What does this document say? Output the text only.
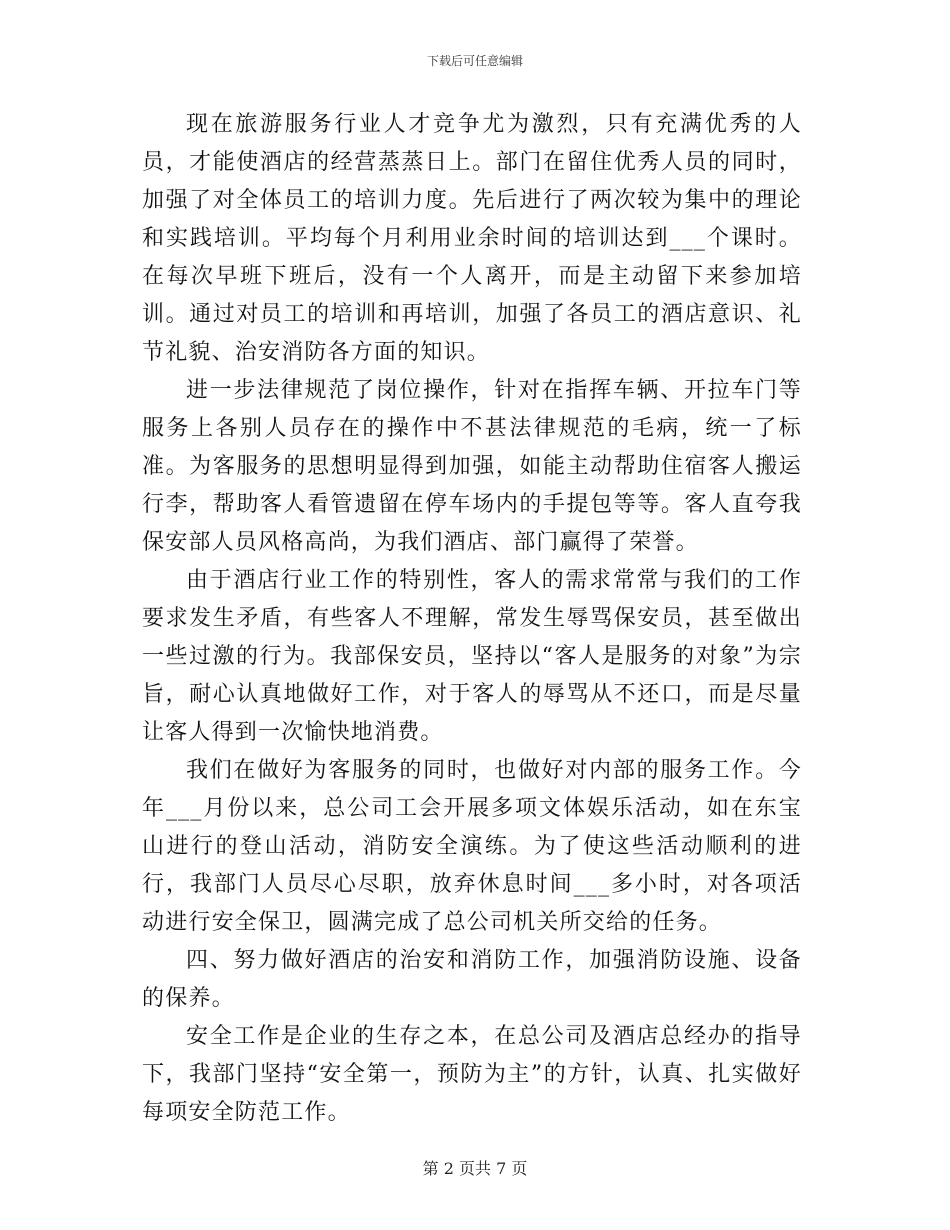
下载后可任意编辑

现在旅游服务行业人才竞争尤为激烈，只有充满优秀的人员，才能使酒店的经营蒸蒸日上。部门在留住优秀人员的同时，加强了对全体员工的培训力度。先后进行了两次较为集中的理论和实践培训。平均每个月利用业余时间的培训达到___个课时。在每次早班下班后，没有一个人离开，而是主动留下来参加培训。通过对员工的培训和再培训，加强了各员工的酒店意识、礼节礼貌、治安消防各方面的知识。

进一步法律规范了岗位操作，针对在指挥车辆、开拉车门等服务上各别人员存在的操作中不甚法律规范的毛病，统一了标准。为客服务的思想明显得到加强，如能主动帮助住宿客人搬运行李，帮助客人看管遗留在停车场内的手提包等等。客人直夸我保安部人员风格高尚，为我们酒店、部门赢得了荣誉。

由于酒店行业工作的特别性，客人的需求常常与我们的工作要求发生矛盾，有些客人不理解，常发生辱骂保安员，甚至做出一些过激的行为。我部保安员，坚持以“客人是服务的对象”为宗旨，耐心认真地做好工作，对于客人的辱骂从不还口，而是尽量让客人得到一次愉快地消费。

我们在做好为客服务的同时，也做好对内部的服务工作。今年___月份以来，总公司工会开展多项文体娱乐活动，如在东宝山进行的登山活动，消防安全演练。为了使这些活动顺利的进行，我部门人员尽心尽职，放弃休息时间___多小时，对各项活动进行安全保卫，圆满完成了总公司机关所交给的任务。

四、努力做好酒店的治安和消防工作，加强消防设施、设备的保养。

安全工作是企业的生存之本，在总公司及酒店总经办的指导下，我部门坚持“安全第一，预防为主”的方针，认真、扎实做好每项安全防范工作。

第 2 页共 7 页
